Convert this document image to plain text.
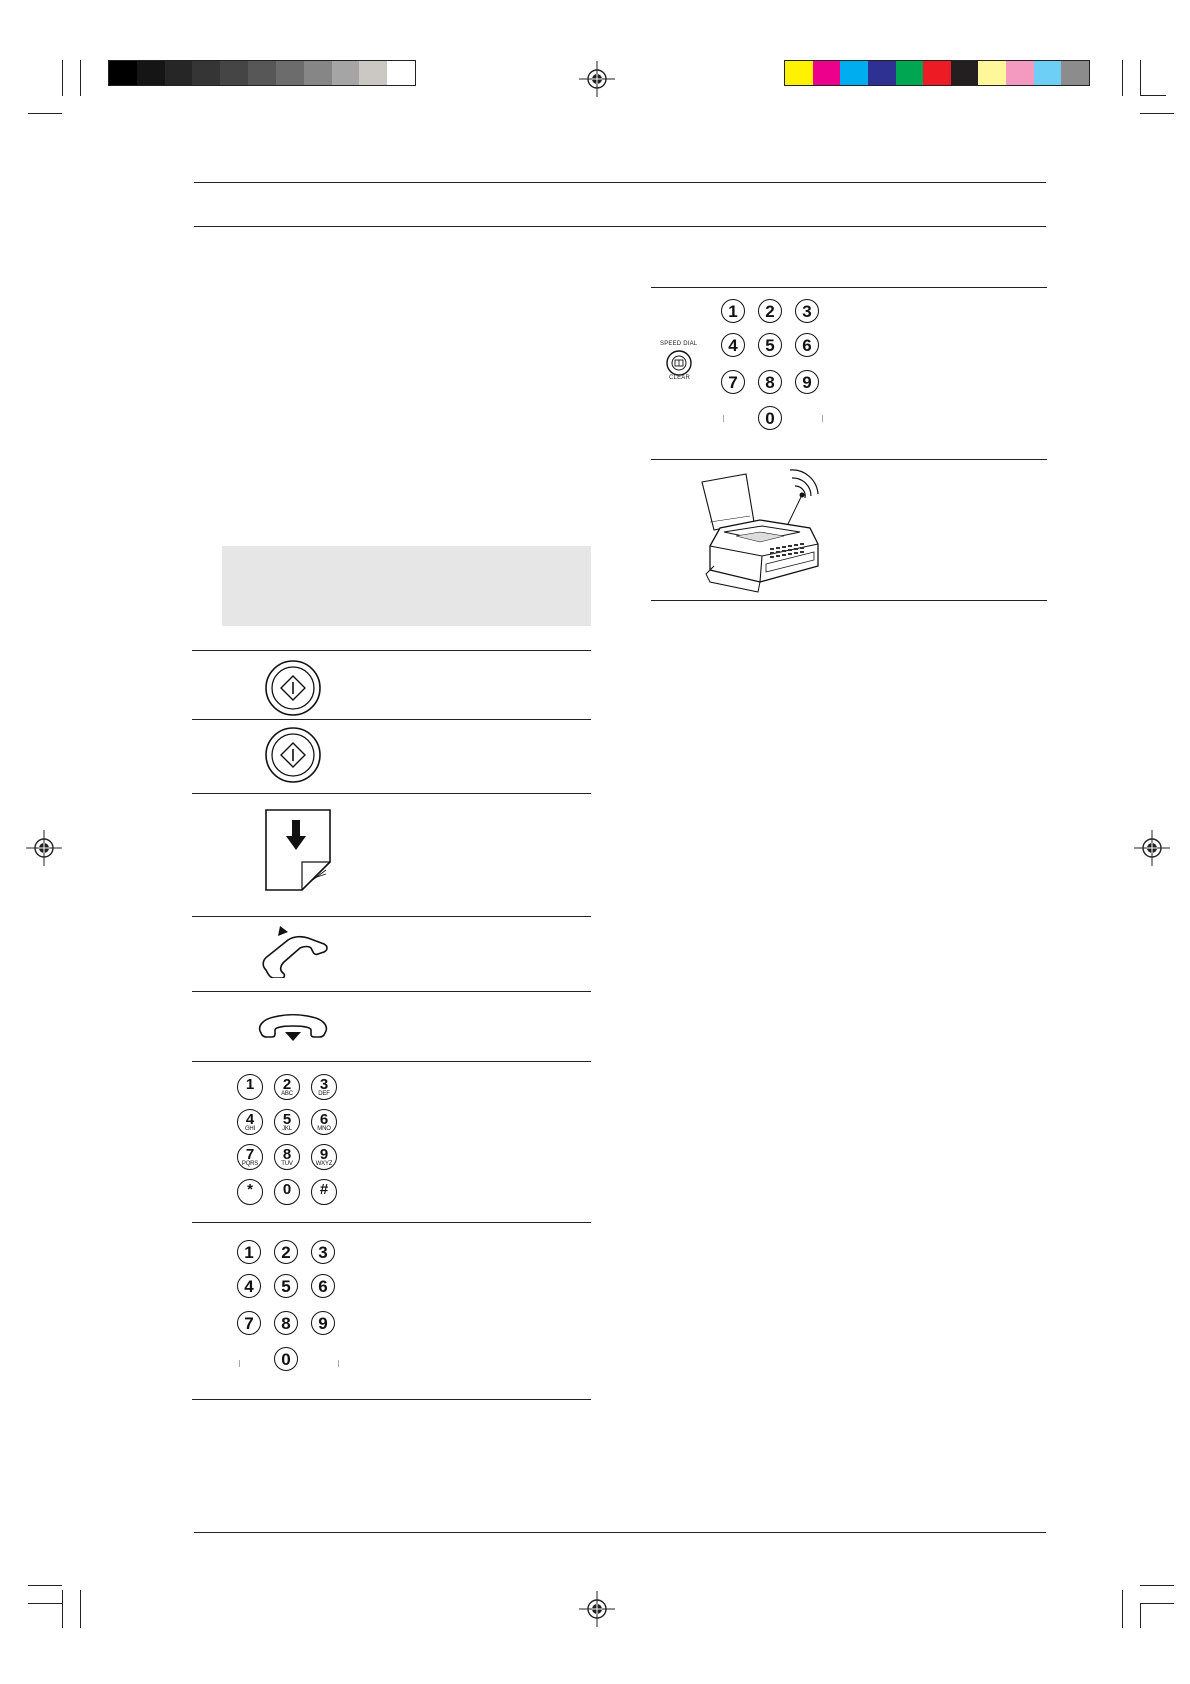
1 2
ABC
3
DEF
4
GHI
5
JKL
6
MNO
7
PQRS
8
TUV
9
WXYZ
* 0 #
1	2	3
4	5	6
7	8	9
0
SPEED DIAL
CLEAR
1	2	3
4	5	6
7	8	9
0
